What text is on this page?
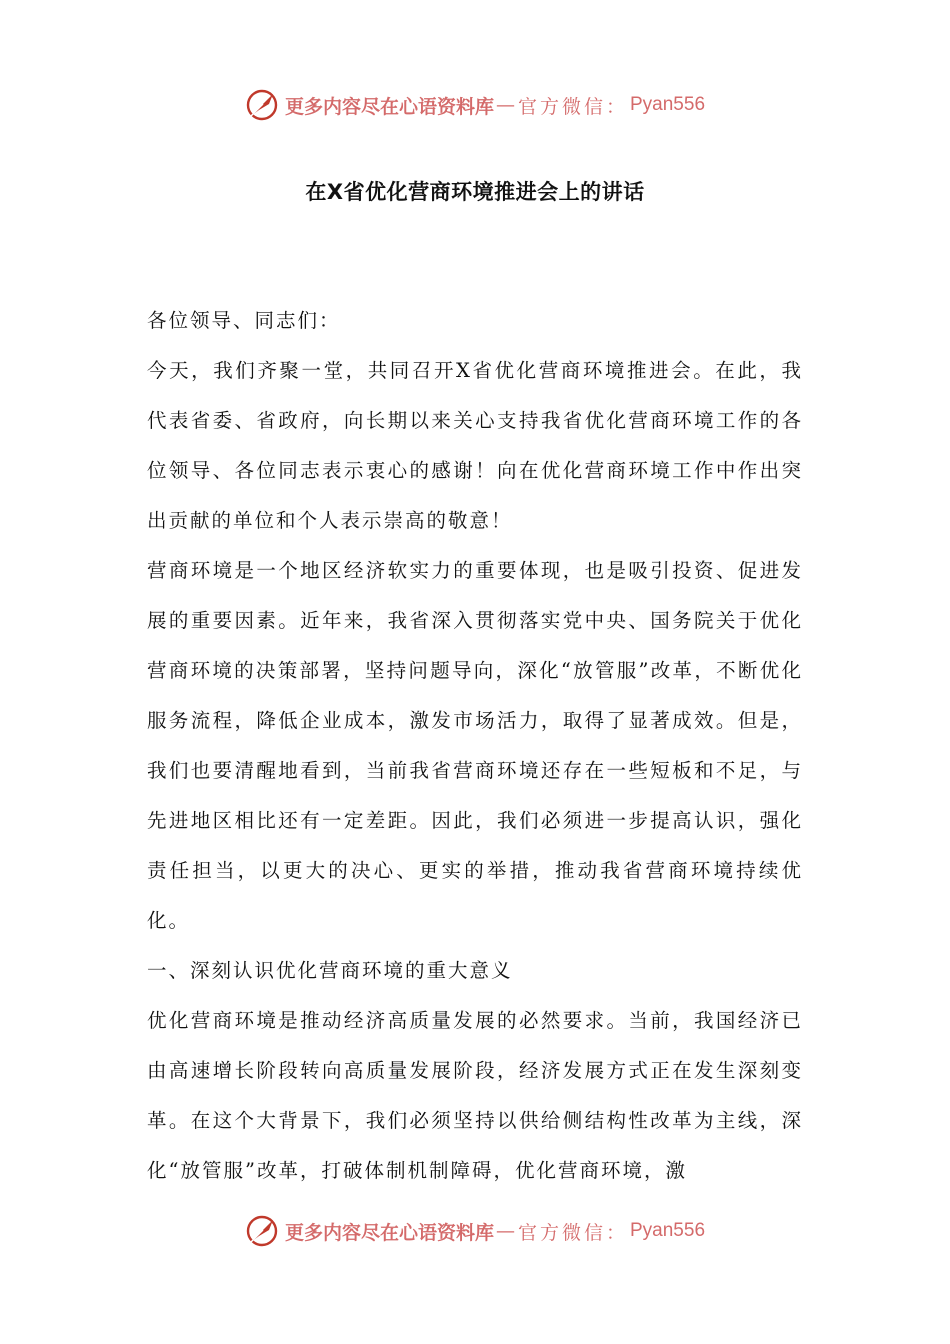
更多内容尽在心语资料库 — 官方微信： Pyan556
在X省优化营商环境推进会上的讲话

各位领导、同志们：

今天，我们齐聚一堂，共同召开X省优化营商环境推进会。在此，我代表省委、省政府，向长期以来关心支持我省优化营商环境工作的各位领导、各位同志表示衷心的感谢！向在优化营商环境工作中作出突出贡献的单位和个人表示崇高的敬意！

营商环境是一个地区经济软实力的重要体现，也是吸引投资、促进发展的重要因素。近年来，我省深入贯彻落实党中央、国务院关于优化营商环境的决策部署，坚持问题导向，深化“放管服”改革，不断优化服务流程，降低企业成本，激发市场活力，取得了显著成效。但是，我们也要清醒地看到，当前我省营商环境还存在一些短板和不足，与先进地区相比还有一定差距。因此，我们必须进一步提高认识，强化责任担当，以更大的决心、更实的举措，推动我省营商环境持续优化。

一、深刻认识优化营商环境的重大意义

优化营商环境是推动经济高质量发展的必然要求。当前，我国经济已由高速增长阶段转向高质量发展阶段，经济发展方式正在发生深刻变革。在这个大背景下，我们必须坚持以供给侧结构性改革为主线，深化“放管服”改革，打破体制机制障碍，优化营商环境，激

更多内容尽在心语资料库 — 官方微信： Pyan556
